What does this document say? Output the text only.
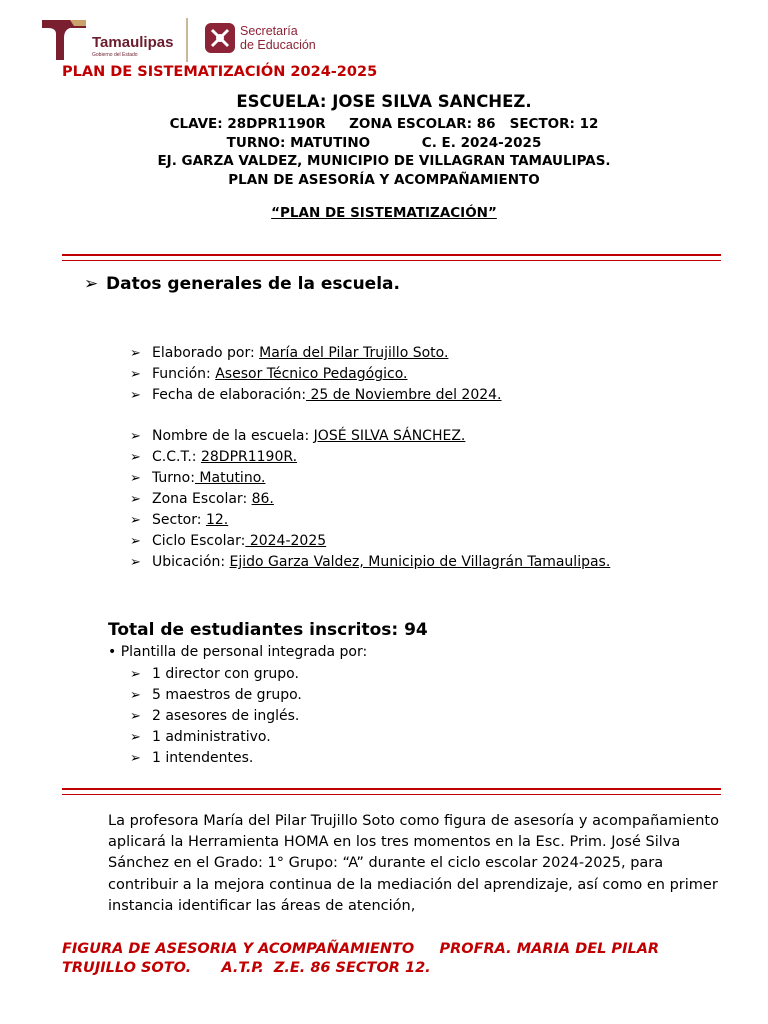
Tamaulipas
Gobierno del Estado
Secretaría
de Educación
PLAN DE SISTEMATIZACIÓN 2024-2025
ESCUELA: JOSE SILVA SANCHEZ.
CLAVE: 28DPR1190R     ZONA ESCOLAR: 86   SECTOR: 12
TURNO: MATUTINO           C. E. 2024-2025
EJ. GARZA VALDEZ, MUNICIPIO DE VILLAGRAN TAMAULIPAS.
PLAN DE ASESORÍA Y ACOMPAÑAMIENTO
“PLAN DE SISTEMATIZACIÓN”
➢ Datos generales de la escuela.
➢ Elaborado por: María del Pilar Trujillo Soto.
➢ Función: Asesor Técnico Pedagógico.
➢ Fecha de elaboración: 25 de Noviembre del 2024.
➢ Nombre de la escuela: JOSÉ SILVA SÁNCHEZ.
➢ C.C.T.: 28DPR1190R.
➢ Turno: Matutino.
➢ Zona Escolar: 86.
➢ Sector: 12.
➢ Ciclo Escolar: 2024-2025
➢ Ubicación: Ejido Garza Valdez, Municipio de Villagrán Tamaulipas.
Total de estudiantes inscritos: 94
• Plantilla de personal integrada por:
➢ 1 director con grupo.
➢ 5 maestros de grupo.
➢ 2 asesores de inglés.
➢ 1 administrativo.
➢ 1 intendentes.
La profesora María del Pilar Trujillo Soto como figura de asesoría y acompañamiento aplicará la Herramienta HOMA en los tres momentos en la Esc. Prim. José Silva Sánchez en el Grado: 1° Grupo: “A” durante el ciclo escolar 2024-2025, para contribuir a la mejora continua de la mediación del aprendizaje, así como en primer instancia identificar las áreas de atención,
FIGURA DE ASESORIA Y ACOMPAÑAMIENTO     PROFRA. MARIA DEL PILAR TRUJILLO SOTO.      A.T.P.  Z.E. 86 SECTOR 12.
